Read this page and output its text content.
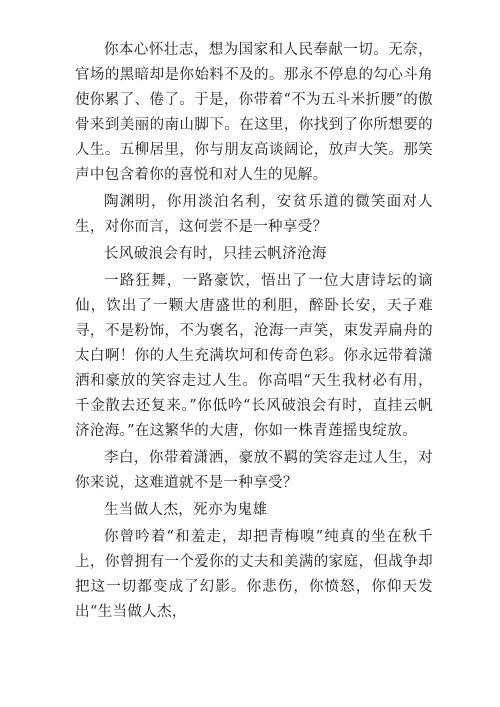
你本心怀壮志，想为国家和人民奉献一切。无奈，官场的黑暗却是你始料不及的。那永不停息的勾心斗角使你累了、倦了。于是，你带着“不为五斗米折腰”的傲骨来到美丽的南山脚下。在这里，你找到了你所想要的人生。五柳居里，你与朋友高谈阔论，放声大笑。那笑声中包含着你的喜悦和对人生的见解。

陶渊明，你用淡泊名利，安贫乐道的微笑面对人生，对你而言，这何尝不是一种享受？

长风破浪会有时，只挂云帆济沧海

一路狂舞，一路豪饮，悟出了一位大唐诗坛的谪仙，饮出了一颗大唐盛世的利胆，醉卧长安，天子难寻，不是粉饰，不为褒名，沧海一声笑，束发弄扁舟的太白啊！你的人生充满坎坷和传奇色彩。你永远带着潇洒和豪放的笑容走过人生。你高唱“天生我材必有用，千金散去还复来。”你低吟“长风破浪会有时，直挂云帆济沧海。”在这繁华的大唐，你如一株青莲摇曳绽放。

李白，你带着潇洒，豪放不羁的笑容走过人生，对你来说，这难道就不是一种享受？

生当做人杰，死亦为鬼雄

你曾吟着“和羞走，却把青梅嗅”纯真的坐在秋千上，你曾拥有一个爱你的丈夫和美满的家庭，但战争却把这一切都变成了幻影。你悲伤，你愤怒，你仰天发出“生当做人杰，
